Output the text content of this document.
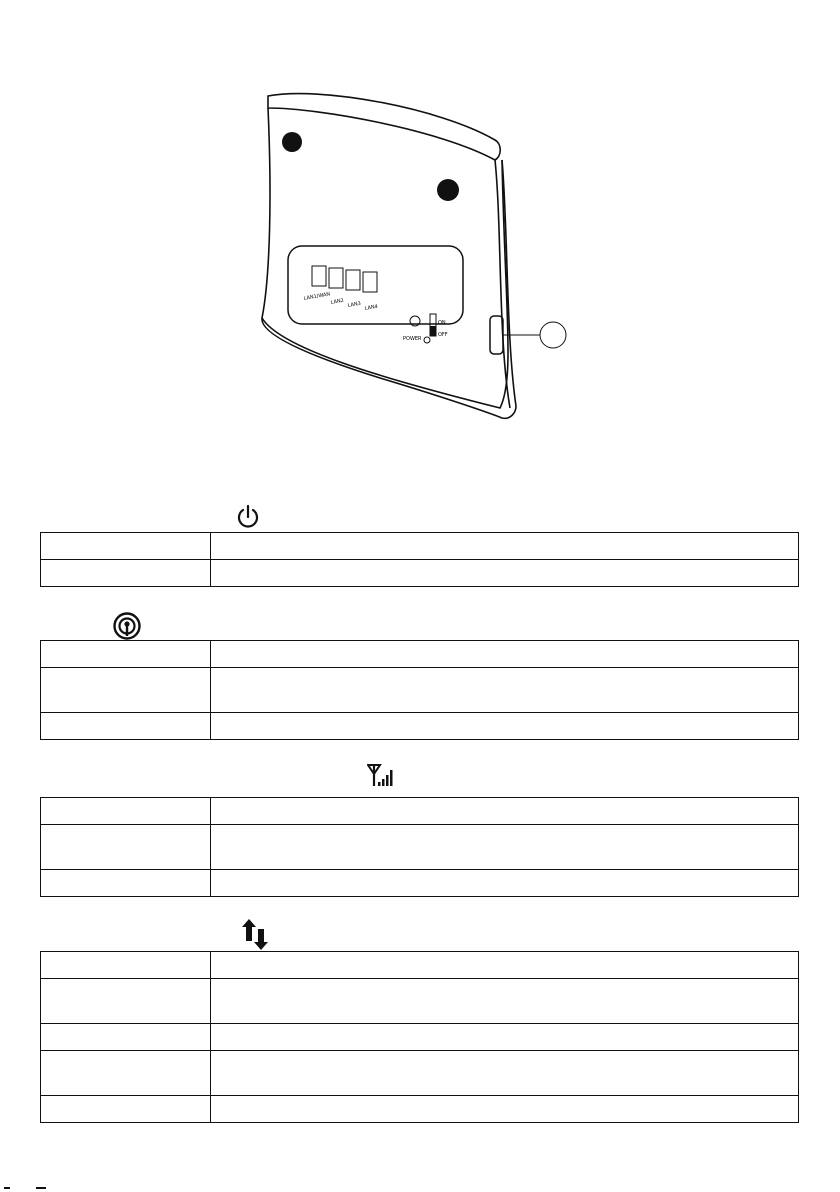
LAN1/WAN LAN2 LAN3 LAN4
POWER
ON
OFF
